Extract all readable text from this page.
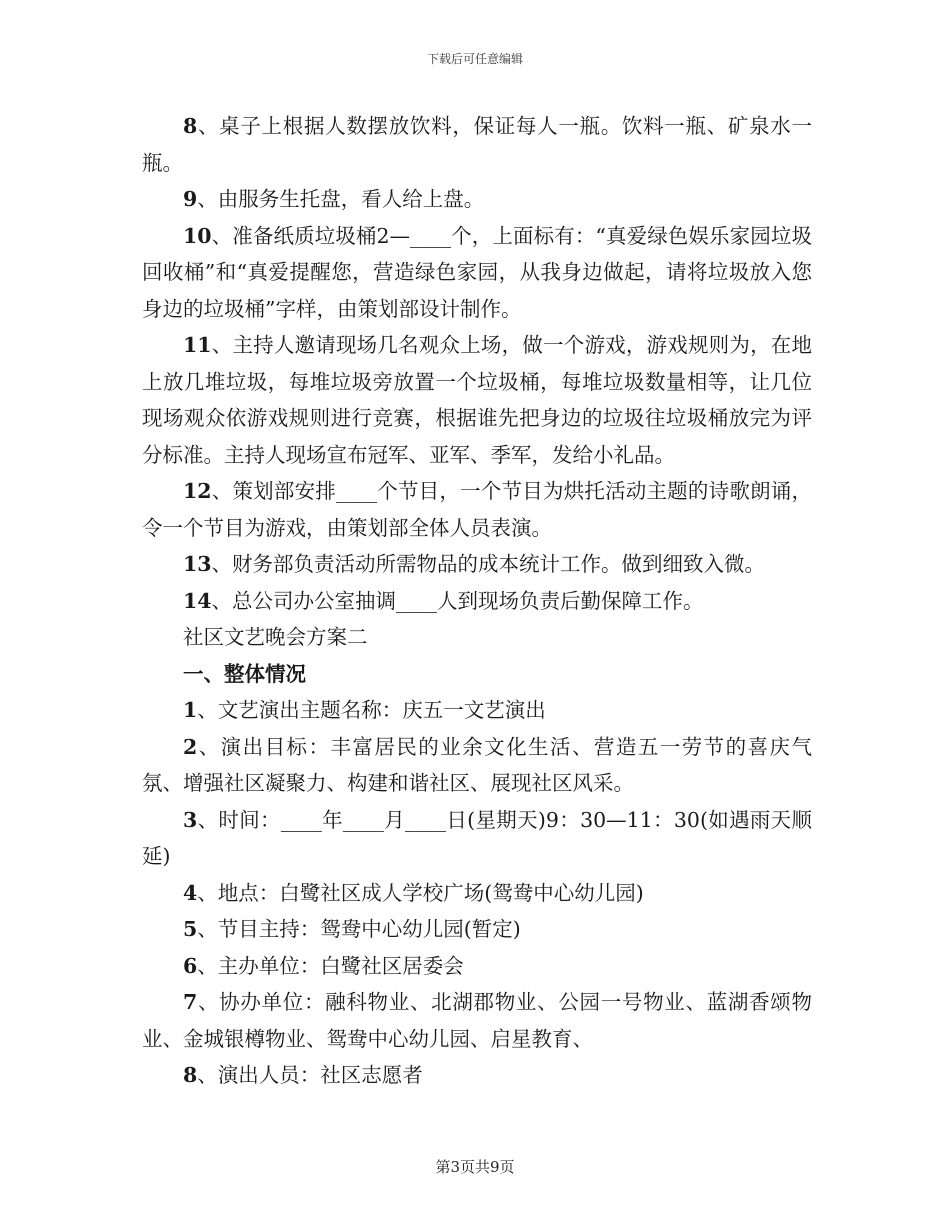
下载后可任意编辑

8、桌子上根据人数摆放饮料，保证每人一瓶。饮料一瓶、矿泉水一瓶。

9、由服务生托盘，看人给上盘。

10、准备纸质垃圾桶2—____个，上面标有：“真爱绿色娱乐家园垃圾回收桶”和“真爱提醒您，营造绿色家园，从我身边做起，请将垃圾放入您身边的垃圾桶”字样，由策划部设计制作。

11、主持人邀请现场几名观众上场，做一个游戏，游戏规则为，在地上放几堆垃圾，每堆垃圾旁放置一个垃圾桶，每堆垃圾数量相等，让几位现场观众依游戏规则进行竞赛，根据谁先把身边的垃圾往垃圾桶放完为评分标准。主持人现场宣布冠军、亚军、季军，发给小礼品。

12、策划部安排____个节目，一个节目为烘托活动主题的诗歌朗诵，令一个节目为游戏，由策划部全体人员表演。

13、财务部负责活动所需物品的成本统计工作。做到细致入微。

14、总公司办公室抽调____人到现场负责后勤保障工作。

社区文艺晚会方案二

一、整体情况

1、文艺演出主题名称：庆五一文艺演出

2、演出目标：丰富居民的业余文化生活、营造五一劳节的喜庆气氛、增强社区凝聚力、构建和谐社区、展现社区风采。

3、时间：____年____月____日(星期天)9：30—11：30(如遇雨天顺延)

4、地点：白鹭社区成人学校广场(鸳鸯中心幼儿园)

5、节目主持：鸳鸯中心幼儿园(暂定)

6、主办单位：白鹭社区居委会

7、协办单位：融科物业、北湖郡物业、公园一号物业、蓝湖香颂物业、金城银樽物业、鸳鸯中心幼儿园、启星教育、

8、演出人员：社区志愿者

第3页共9页
